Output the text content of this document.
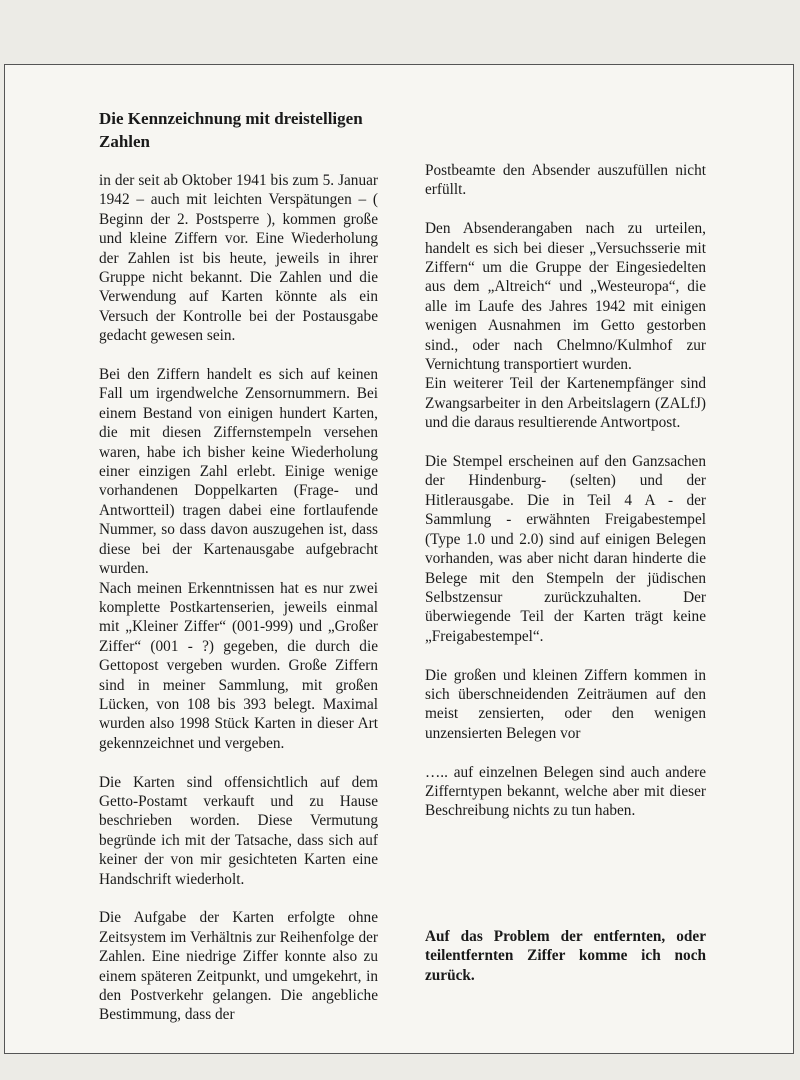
Die Kennzeichnung mit dreistelligen Zahlen

in der seit ab Oktober 1941 bis zum 5. Januar 1942 – auch mit leichten Verspätungen – ( Beginn der 2. Postsperre ), kommen große und kleine Ziffern vor. Eine Wiederholung der Zahlen ist bis heute, jeweils in ihrer Gruppe nicht bekannt. Die Zahlen und die Verwendung auf Karten könnte als ein Versuch der Kontrolle bei der Postausgabe gedacht gewesen sein.

Bei den Ziffern handelt es sich auf keinen Fall um irgendwelche Zensornummern. Bei einem Bestand von einigen hundert Karten, die mit diesen Ziffernstempeln versehen waren, habe ich bisher keine Wiederholung einer einzigen Zahl erlebt. Einige wenige vorhandenen Doppelkarten (Frage- und Antwortteil) tragen dabei eine fortlaufende Nummer, so dass davon auszugehen ist, dass diese bei der Kartenausgabe aufgebracht wurden.

Nach meinen Erkenntnissen hat es nur zwei komplette Postkartenserien, jeweils einmal mit „Kleiner Ziffer“ (001-999) und „Großer Ziffer“ (001 - ?) gegeben, die durch die Gettopost vergeben wurden. Große Ziffern sind in meiner Sammlung, mit großen Lücken, von 108 bis 393 belegt. Maximal wurden also 1998 Stück Karten in dieser Art gekennzeichnet und vergeben.

Die Karten sind offensichtlich auf dem Getto-Postamt verkauft und zu Hause beschrieben worden. Diese Vermutung begründe ich mit der Tatsache, dass sich auf keiner der von mir gesichteten Karten eine Handschrift wiederholt.

Die Aufgabe der Karten erfolgte ohne Zeitsystem im Verhältnis zur Reihenfolge der Zahlen. Eine niedrige Ziffer konnte also zu einem späteren Zeitpunkt, und umgekehrt, in den Postverkehr gelangen. Die angebliche Bestimmung, dass der

Postbeamte den Absender auszufüllen nicht erfüllt.

Den Absenderangaben nach zu urteilen, handelt es sich bei dieser „Versuchsserie mit Ziffern“ um die Gruppe der Eingesiedelten aus dem „Altreich“ und „Westeuropa“, die alle im Laufe des Jahres 1942 mit einigen wenigen Ausnahmen im Getto gestorben sind., oder nach Chelmno/Kulmhof zur Vernichtung transportiert wurden.

Ein weiterer Teil der Kartenempfänger sind Zwangsarbeiter in den Arbeitslagern (ZALfJ) und die daraus resultierende Antwortpost.

Die Stempel erscheinen auf den Ganzsachen der Hindenburg- (selten) und der Hitlerausgabe. Die in Teil 4 A - der Sammlung - erwähnten Freigabestempel (Type 1.0 und 2.0) sind auf einigen Belegen vorhanden, was aber nicht daran hinderte die Belege mit den Stempeln der jüdischen Selbstzensur zurückzuhalten. Der überwiegende Teil der Karten trägt keine „Freigabestempel“.

Die großen und kleinen Ziffern kommen in sich überschneidenden Zeiträumen auf den meist zensierten, oder den wenigen unzensierten Belegen vor

….. auf einzelnen Belegen sind auch andere Zifferntypen bekannt, welche aber mit dieser Beschreibung nichts zu tun haben.

Auf das Problem der entfernten, oder teilentfernten Ziffer komme ich noch zurück.
